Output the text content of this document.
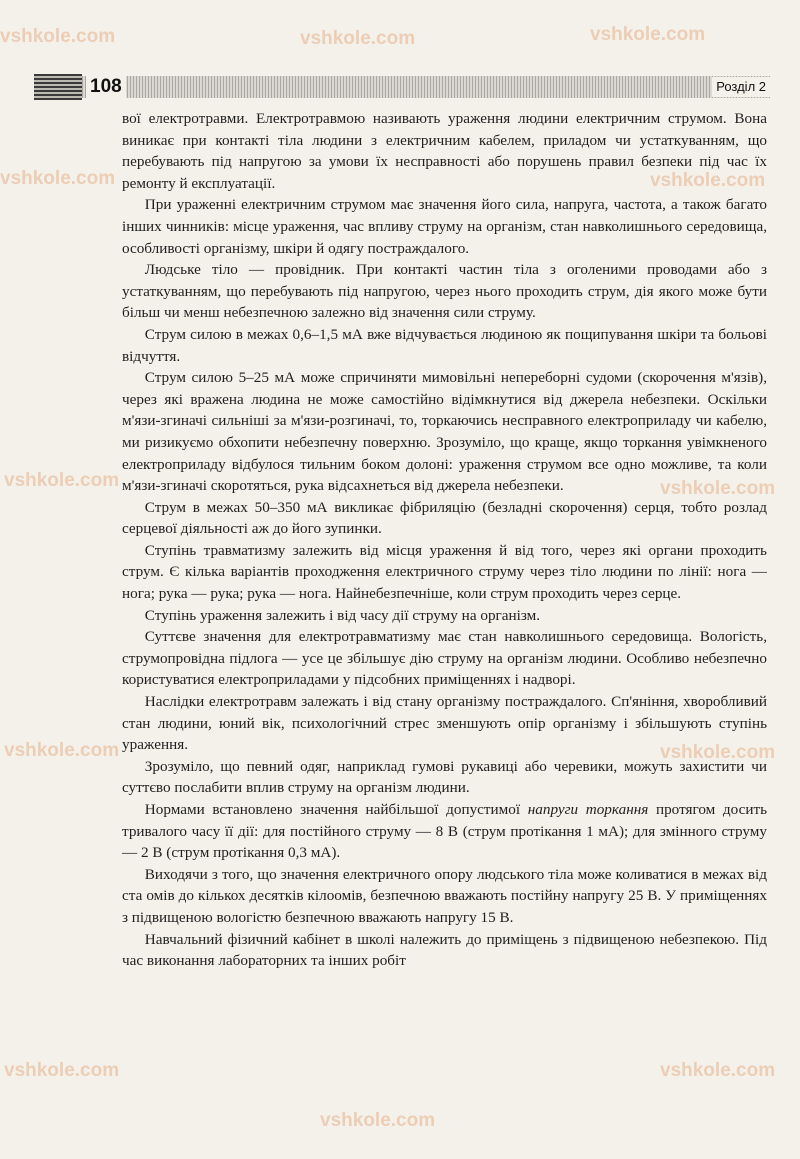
vshkole.com	vshkole.com	vshkole.com
vshkole.com	vshkole.com
vshkole.com	vshkole.com
vshkole.com	vshkole.com
vshkole.com
vshkole.com
vshkole.com
108	Розділ 2

вої електротравми. Електротравмою називають ураження людини електричним струмом. Вона виникає при контакті тіла людини з електричним кабелем, приладом чи устаткуванням, що перебувають під напругою за умови їх несправності або порушень правил безпеки під час їх ремонту й експлуатації.

При ураженні електричним струмом має значення його сила, напруга, частота, а також багато інших чинників: місце ураження, час впливу струму на організм, стан навколишнього середовища, особливості організму, шкіри й одягу постраждалого.

Людське тіло — провідник. При контакті частин тіла з оголеними проводами або з устаткуванням, що перебувають під напругою, через нього проходить струм, дія якого може бути більш чи менш небезпечною залежно від значення сили струму.

Струм силою в межах 0,6–1,5 мА вже відчувається людиною як пощипування шкіри та больові відчуття.

Струм силою 5–25 мА може спричиняти мимовільні непереборні судоми (скорочення м'язів), через які вражена людина не може самостійно відімкнутися від джерела небезпеки. Оскільки м'язи-згиначі сильніші за м'язи-розгиначі, то, торкаючись несправного електроприладу чи кабелю, ми ризикуємо обхопити небезпечну поверхню. Зрозуміло, що краще, якщо торкання увімкненого електроприладу відбулося тильним боком долоні: ураження струмом все одно можливе, та коли м'язи-згиначі скоротяться, рука відсахнеться від джерела небезпеки.

Струм в межах 50–350 мА викликає фібриляцію (безладні скорочення) серця, тобто розлад серцевої діяльності аж до його зупинки.

Ступінь травматизму залежить від місця ураження й від того, через які органи проходить струм. Є кілька варіантів проходження електричного струму через тіло людини по лінії: нога — нога; рука — рука; рука — нога. Найнебезпечніше, коли струм проходить через серце.

Ступінь ураження залежить і від часу дії струму на організм.

Суттєве значення для електротравматизму має стан навколишнього середовища. Вологість, струмопровідна підлога — усе це збільшує дію струму на організм людини. Особливо небезпечно користуватися електроприладами у підсобних приміщеннях і надворі.

Наслідки електротравм залежать і від стану організму постраждалого. Сп'яніння, хворобливий стан людини, юний вік, психологічний стрес зменшують опір організму і збільшують ступінь ураження.

Зрозуміло, що певний одяг, наприклад гумові рукавиці або черевики, можуть захистити чи суттєво послабити вплив струму на організм людини.

Нормами встановлено значення найбільшої допустимої напруги торкання протягом досить тривалого часу її дії: для постійного струму — 8 В (струм протікання 1 мА); для змінного струму — 2 В (струм протікання 0,3 мА).

Виходячи з того, що значення електричного опору людського тіла може коливатися в межах від ста омів до кількох десятків кілоомів, безпечною вважають постійну напругу 25 В. У приміщеннях з підвищеною вологістю безпечною вважають напругу 15 В.

Навчальний фізичний кабінет в школі належить до приміщень з підвищеною небезпекою. Під час виконання лабораторних та інших робіт
